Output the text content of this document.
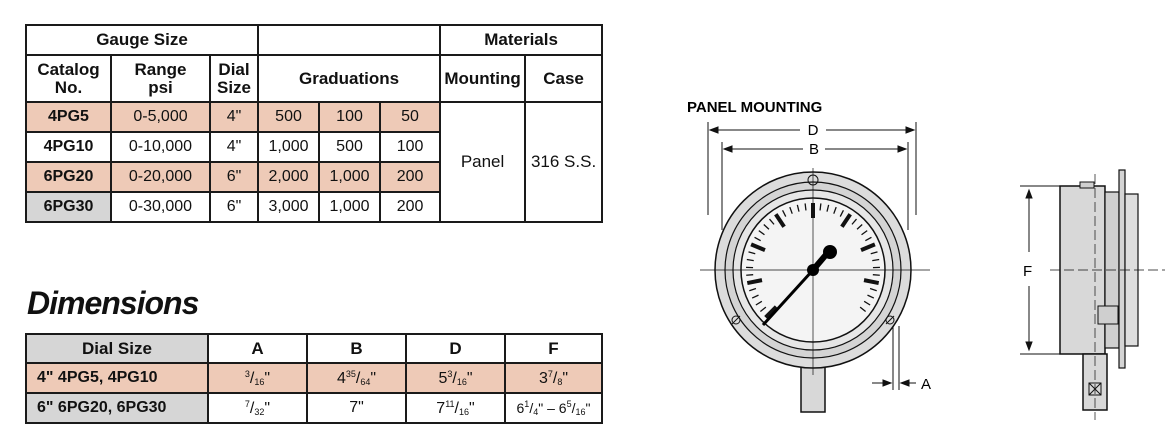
Gauge Size						Materials	
Catalog No.	Range psi	Dial Size	Graduations			Mounting	Case
4PG5	0-5,000	4"	500	100	50	Panel	316 S.S.
4PG10	0-10,000	4"	1,000	500	100		
6PG20	0-20,000	6"	2,000	1,000	200		
6PG30	0-30,000	6"	3,000	1,000	200		
Dimensions
Dial Size	A	B	D	F
4" 4PG5, 4PG10	$^3/_{16}$"	$4^{35}/_{64}$"	$5^3/_{16}$"	$3^7/_8$"
6" 6PG20, 6PG30	$^7/_{32}$"	7"	$7^{11}/_{16}$"	$6^1/_4$" – $6^5/_{16}$"
PANEL MOUNTING
D
B
A
F
